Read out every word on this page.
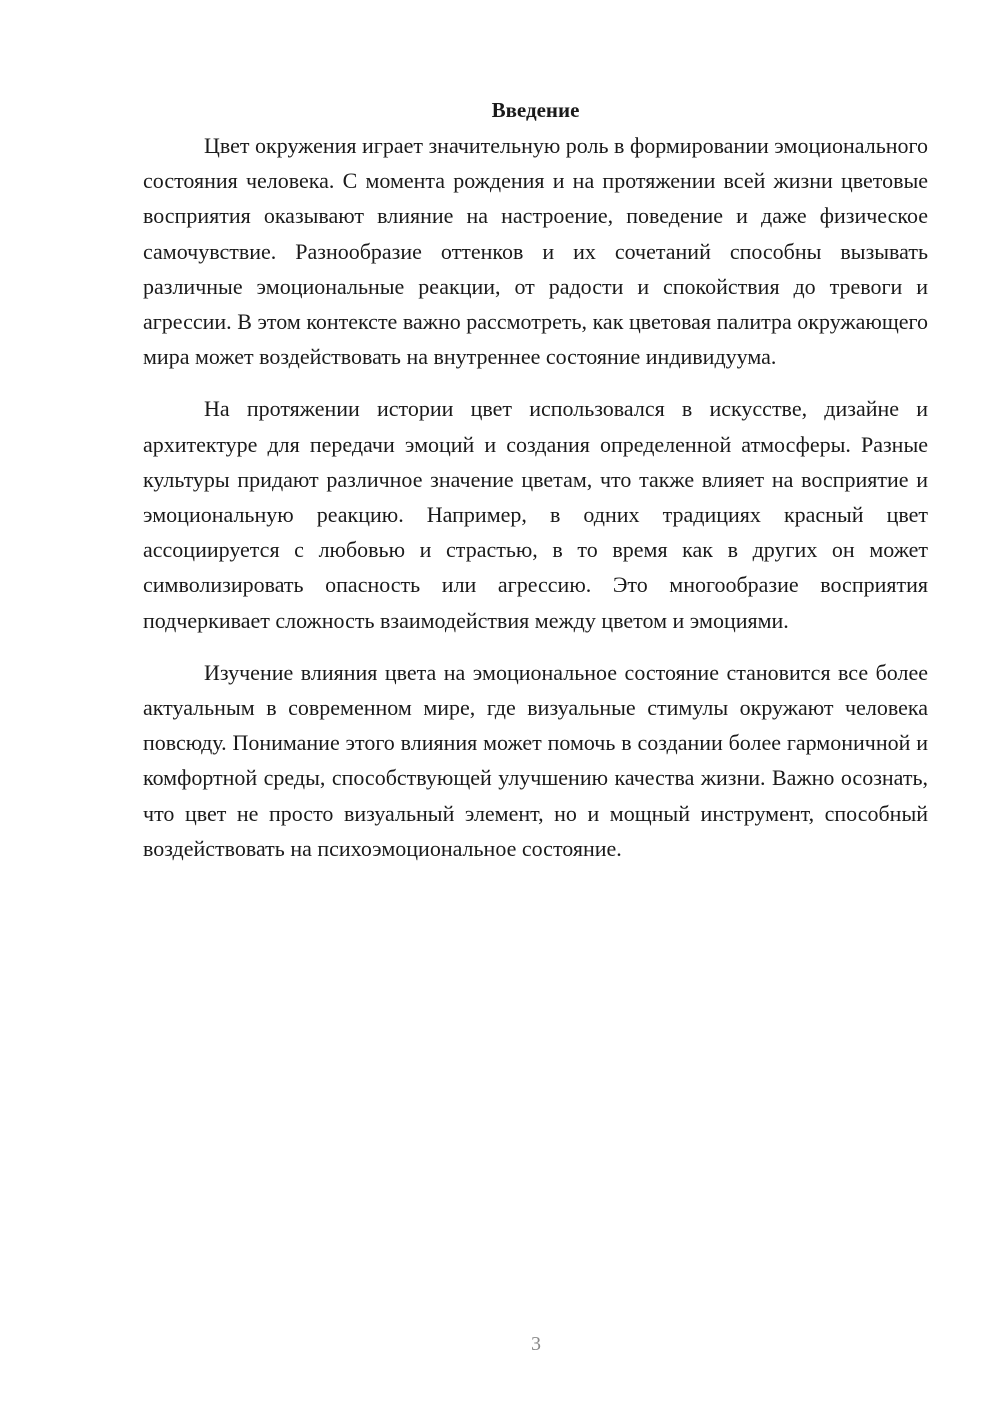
Введение

Цвет окружения играет значительную роль в формировании эмоционального состояния человека. С момента рождения и на протяжении всей жизни цветовые восприятия оказывают влияние на настроение, поведение и даже физическое самочувствие. Разнообразие оттенков и их сочетаний способны вызывать различные эмоциональные реакции, от радости и спокойствия до тревоги и агрессии. В этом контексте важно рассмотреть, как цветовая палитра окружающего мира может воздействовать на внутреннее состояние индивидуума.

На протяжении истории цвет использовался в искусстве, дизайне и архитектуре для передачи эмоций и создания определенной атмосферы. Разные культуры придают различное значение цветам, что также влияет на восприятие и эмоциональную реакцию. Например, в одних традициях красный цвет ассоциируется с любовью и страстью, в то время как в других он может символизировать опасность или агрессию. Это многообразие восприятия подчеркивает сложность взаимодействия между цветом и эмоциями.

Изучение влияния цвета на эмоциональное состояние становится все более актуальным в современном мире, где визуальные стимулы окружают человека повсюду. Понимание этого влияния может помочь в создании более гармоничной и комфортной среды, способствующей улучшению качества жизни. Важно осознать, что цвет не просто визуальный элемент, но и мощный инструмент, способный воздействовать на психоэмоциональное состояние.

3
